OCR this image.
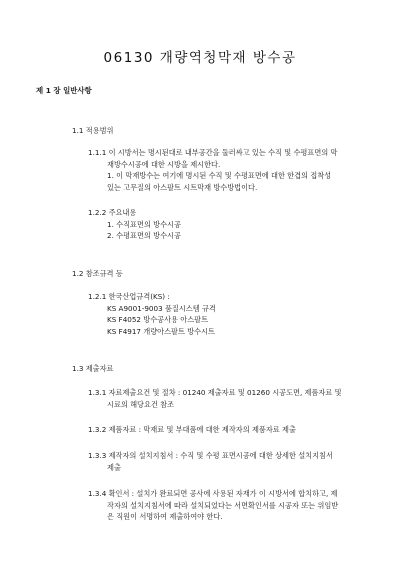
06130 개량역청막재 방수공
제 1 장 일반사항
1.1 적용범위
1.1.1 이 시방서는 명시된대로 내부공간을 둘러싸고 있는 수직 및 수평표면의 막
재방수시공에 대한 시방을 제시한다.
1. 이 막재방수는 여기에 명시된 수직 및 수평표면에 대한 한겹의 접착성
있는 고무질의 아스팔트 시트막재 방수방법이다.
1.2.2 주요내용
1. 수직표면의 방수시공
2. 수평표면의 방수시공
1.2 참조규격 등
1.2.1 한국산업규격(KS) :
KS A9001-9003 품질시스템 규격
KS F4052 방수공사용 아스팔트
KS F4917 개량아스팔트 방수시트
1.3 제출자료
1.3.1 자료제출요건 및 절차 : 01240 제출자료 및 01260 시공도면, 제품자료 및
시료의 해당요건 참조
1.3.2 제품자료 : 막재료 및 부대품에 대한 제작자의 제품자료 제출
1.3.3 제작자의 설치지침서 : 수직 및 수평 표면시공에 대한 상세한 설치지침서
제출
1.3.4 확인서 : 설치가 완료되면 공사에 사용된 자재가 이 시방서에 합치하고, 제
작자의 설치지침서에 따라 설치되었다는 서면확인서를 시공자 또는 위임받
은 직원이 서명하여 제출하여야 한다.
